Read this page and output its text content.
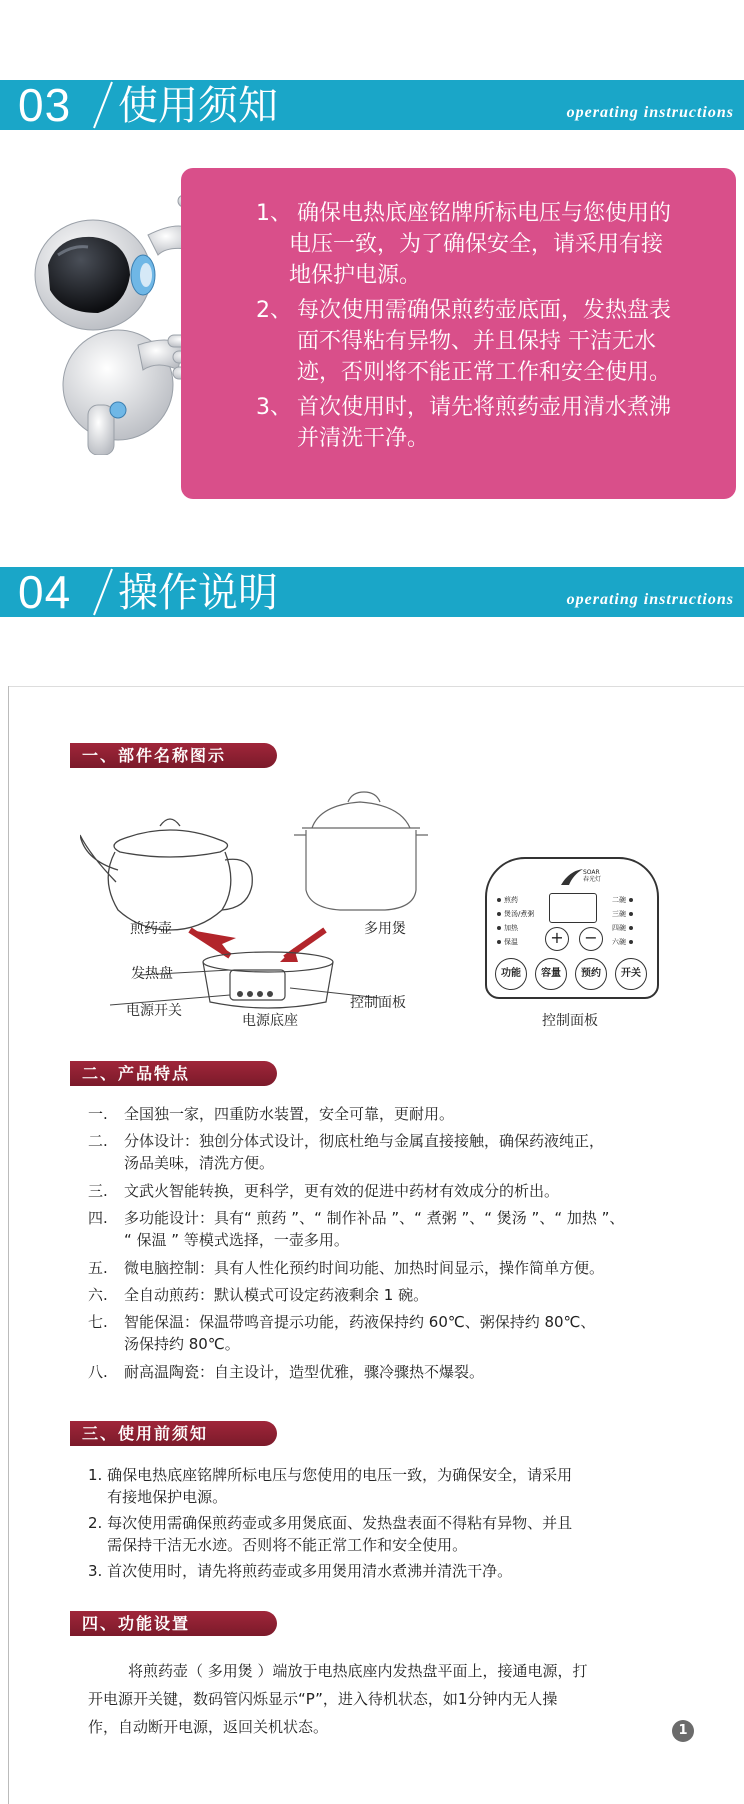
03 使用须知	operating instructions
1、 确保电热底座铭牌所标电压与您使用的
电压一致，为了确保安全，请采用有接
地保护电源。
2、 每次使用需确保煎药壶底面，发热盘表
面不得粘有异物、并且保持 干洁无水
迹，否则将不能正常工作和安全使用。
3、 首次使用时，请先将煎药壶用清水煮沸
并清洗干净。
04 操作说明	operating instructions
一、部件名称图示
煎药壶	多用煲
发热盘
电源开关
电源底座
控制面板
SOAR
春光灯
煎药
煲汤/煮粥
加热
保温
二碗
三碗
四碗
六碗
+	−
功能	容量	预约	开关
控制面板
二、产品特点
一. 全国独一家，四重防水装置，安全可靠，更耐用。
二. 分体设计：独创分体式设计，彻底杜绝与金属直接接触，确保药液纯正，
汤品美味，清洗方便。
三. 文武火智能转换，更科学，更有效的促进中药材有效成分的析出。
四. 多功能设计：具有“ 煎药 ”、“ 制作补品 ”、“ 煮粥 ”、“ 煲汤 ”、“ 加热 ”、
“ 保温 ” 等模式选择，一壶多用。
五. 微电脑控制：具有人性化预约时间功能、加热时间显示，操作简单方便。
六. 全自动煎药：默认模式可设定药液剩余 1 碗。
七. 智能保温：保温带鸣音提示功能，药液保持约 60℃、粥保持约 80℃、
汤保持约 80℃。
八. 耐高温陶瓷：自主设计，造型优雅，骤冷骤热不爆裂。
三、使用前须知
1. 确保电热底座铭牌所标电压与您使用的电压一致，为确保安全，请采用
有接地保护电源。
2. 每次使用需确保煎药壶或多用煲底面、发热盘表面不得粘有异物、并且
需保持干洁无水迹。否则将不能正常工作和安全使用。
3. 首次使用时，请先将煎药壶或多用煲用清水煮沸并清洗干净。
四、功能设置
将煎药壶（ 多用煲 ）端放于电热底座内发热盘平面上，接通电源，打
开电源开关键，数码管闪烁显示“P”，进入待机状态，如1分钟内无人操
作，自动断开电源，返回关机状态。	1
